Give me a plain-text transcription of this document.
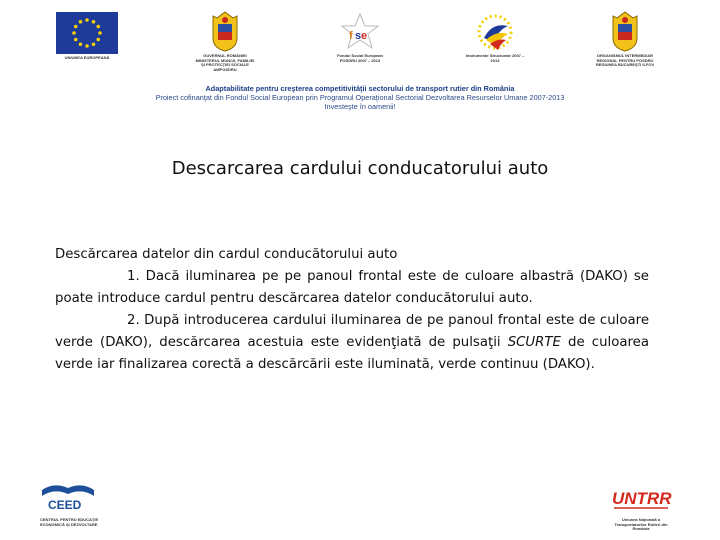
UNIUNEA EUROPEANĂ	GUVERNUL ROMÂNIEI MINISTERUL MUNCII, FAMILIEI ŞI PROTECŢIEI SOCIALE AMPOSDRU
f s e
Fondul Social European POSDRU 2007 – 2013
Instrumente Structurale 2007 – 2013
ORGANISMUL INTERMEDIAR REGIONAL PENTRU POSDRU REGIUNEA BUCUREŞTI ILFOV
Adaptabilitate pentru creşterea competitivităţii sectorului de transport rutier din România
Proiect cofinanţat din Fondul Social European prin Programul Operaţional Sectorial Dezvoltarea Resurselor Umane 2007-2013
Investeşte în oamenii!
Descarcarea cardului conducatorului auto

Descărcarea datelor din cardul conducătorului auto

1. Dacă iluminarea pe pe panoul frontal este de culoare albastră (DAKO) se poate introduce cardul pentru descărcarea datelor conducătorului auto.

2. După introducerea cardului iluminarea de pe panoul frontal este de culoare verde (DAKO), descărcarea acestuia este evidenţiată de pulsaţii SCURTE de culoarea verde iar finalizarea corectă a descărcării este iluminată, verde continuu (DAKO).

CEED
CENTRUL PENTRU EDUCAŢIE ECONOMICĂ ŞI DEZVOLTARE
UNTRR
Uniunea Naţională a Transportatorilor Rutieri din România
